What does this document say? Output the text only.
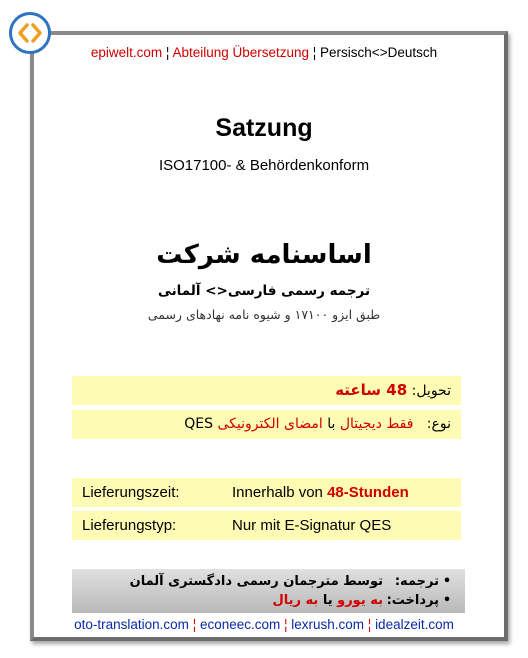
epiwelt.com ¦ Abteilung Übersetzung ¦ Persisch<>Deutsch
Satzung
ISO17100- & Behördenkonform
اساسنامه شرکت
ترجمه رسمی فارسی<> آلمانی
طبق ایزو ۱۷۱۰۰ و شیوه نامه نهادهای رسمی
تحویل: 48 ساعته
نوع:   فقط دیجیتال با امضای الکترونیکی QES
Lieferungszeit:	Innerhalb von 48-Stunden
Lieferungstyp:	Nur mit E-Signatur QES
•
ترجمه:
توسط مترجمان رسمی دادگستری آلمان
•
پرداخت:
به یورو

یا

به ریال
oto-translation.com ¦ econeec.com ¦ lexrush.com ¦ idealzeit.com
